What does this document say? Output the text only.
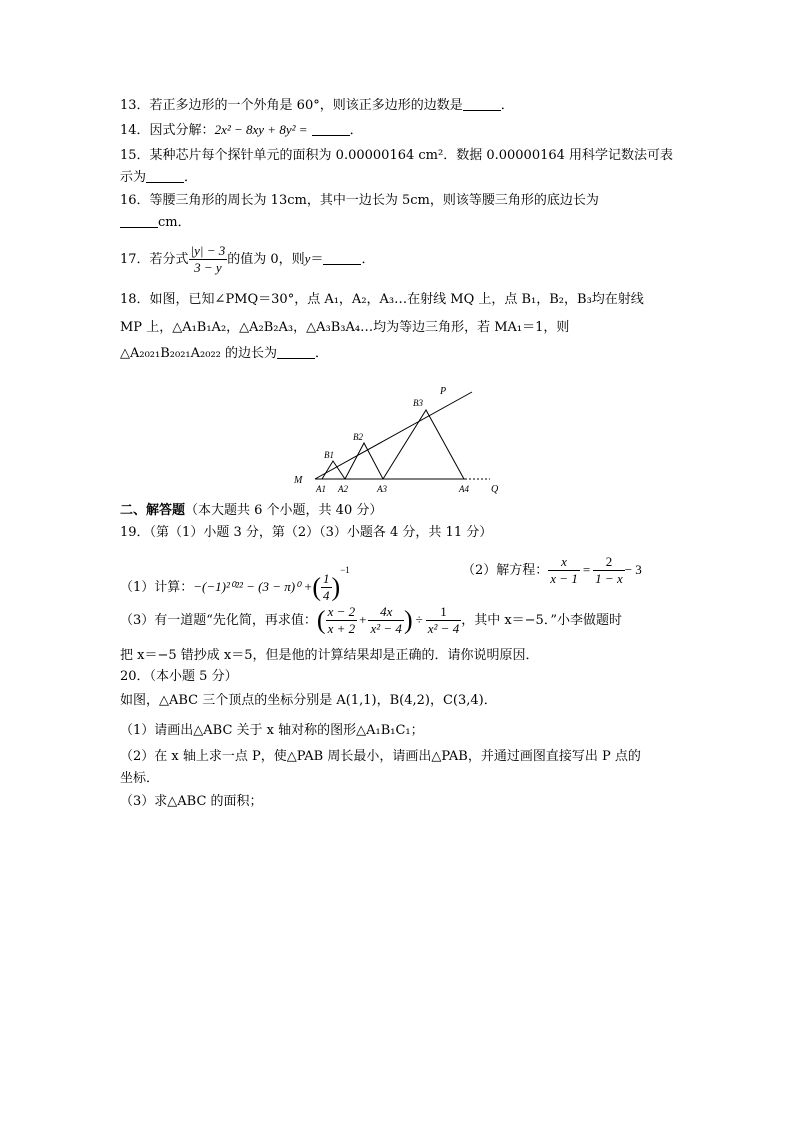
13．若正多边形的一个外角是 60°，则该正多边形的边数是	．
14．因式分解：2x² − 8xy + 8y² =	．
15．某种芯片每个探针单元的面积为 0.00000164 cm²．数据 0.00000164 用科学记数法可表
示为	．
16．等腰三角形的周长为 13cm，其中一边长为 5cm，则该等腰三角形的底边长为
cm．
17．若分式 $\frac{|y| - 3}{3 - y}$ 的值为 0，则y＝	．
18．如图，已知∠PMQ＝30°，点 A₁，A₂，A₃…在射线 MQ 上，点 B₁，B₂，B₃均在射线
MP 上，△A₁B₁A₂，△A₂B₂A₃，△A₃B₃A₄…均为等边三角形，若 MA₁＝1，则
△A₂₀₂₁B₂₀₂₁A₂₀₂₂ 的边长为	．
M
P
Q
A1 A2	A3	A4
B1
B2
B3
二、解答题（本大题共 6 个小题，共 40 分）
19．（第（1）小题 3 分，第（2）（3）小题各 4 分，共 11 分）
（1）计算：−(−1)²⁰²² − (3 − π)⁰ +( $\frac{1}{4} )^{-1}$	（2）解方程： $\frac{x}{x - 1} = \frac{2}{1 - x} - 3$
（3）有一道题“先化简，再求值：( $\frac{x - 2}{x + 2} + \frac{4x}{\text{x² − 4}}$ ) ÷ $\frac{1}{\text{x² − 4}}$ ，其中 x＝−5．”小李做题时
把 x＝−5 错抄成 x＝5，但是他的计算结果却是正确的．请你说明原因．
20．（本小题 5 分）
如图，△ABC 三个顶点的坐标分别是 A(1,1)，B(4,2)，C(3,4)．
（1）请画出△ABC 关于 x 轴对称的图形△A₁B₁C₁；
（2）在 x 轴上求一点 P，使△PAB 周长最小，请画出△PAB，并通过画图直接写出 P 点的
坐标．
（3）求△ABC 的面积；
